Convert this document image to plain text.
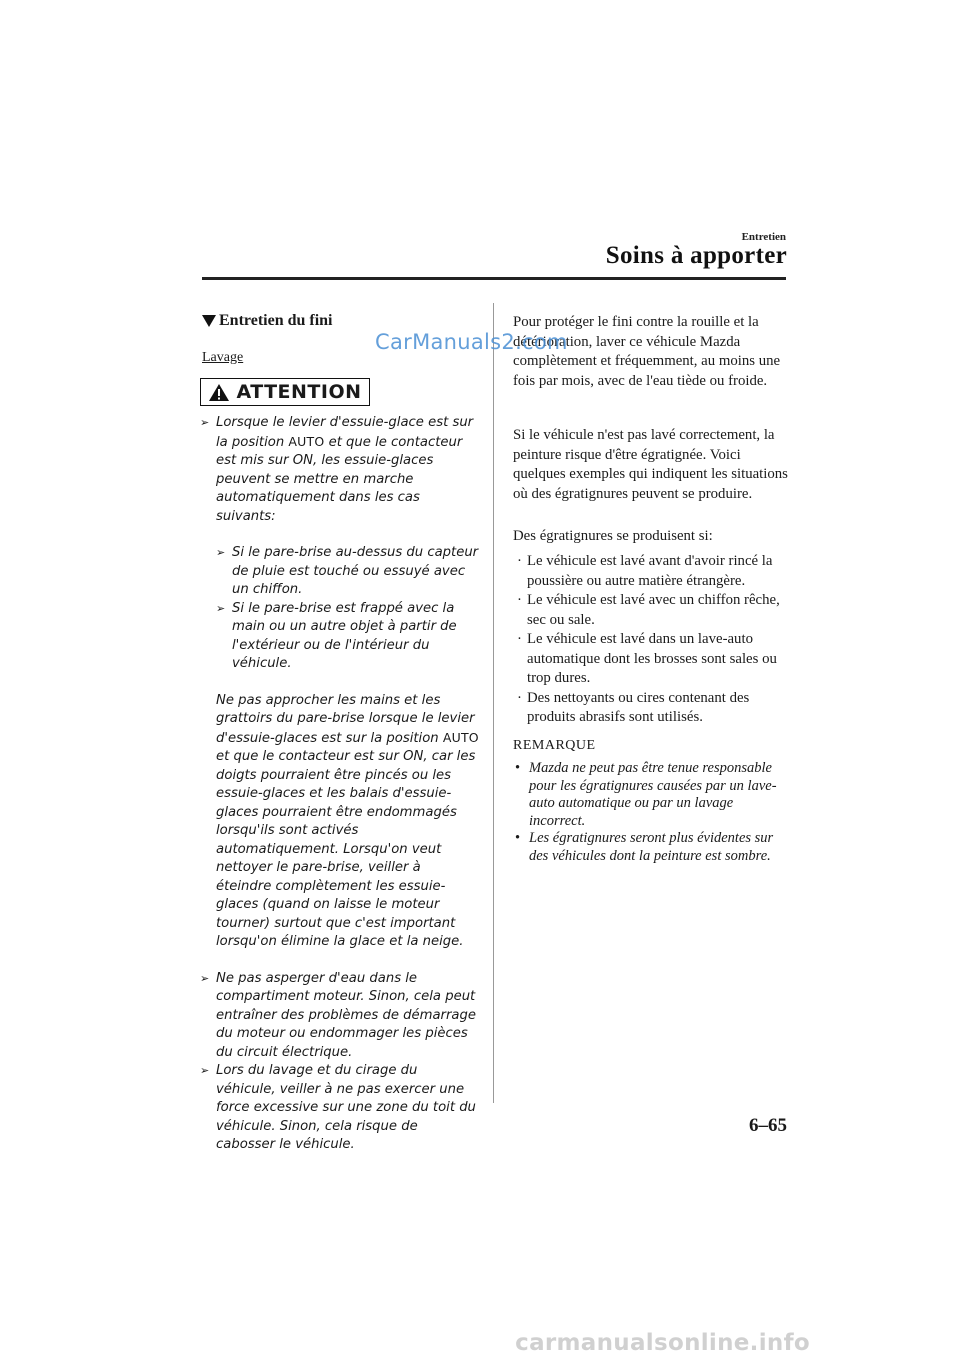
Entretien
Soins à apporter
Entretien du fini
Lavage
ATTENTION
➢ Lorsque le levier d'essuie-glace est sur la position AUTO et que le contacteur est mis sur ON, les essuie-glaces peuvent se mettre en marche automatiquement dans les cas suivants:
➢ Si le pare-brise au-dessus du capteur de pluie est touché ou essuyé avec un chiffon.
➢ Si le pare-brise est frappé avec la main ou un autre objet à partir de l'extérieur ou de l'intérieur du véhicule.
Ne pas approcher les mains et les grattoirs du pare-brise lorsque le levier d'essuie-glaces est sur la position AUTO et que le contacteur est sur ON, car les doigts pourraient être pincés ou les essuie-glaces et les balais d'essuie-glaces pourraient être endommagés lorsqu'ils sont activés automatiquement. Lorsqu'on veut nettoyer le pare-brise, veiller à éteindre complètement les essuie-glaces (quand on laisse le moteur tourner) surtout que c'est important lorsqu'on élimine la glace et la neige.
➢ Ne pas asperger d'eau dans le compartiment moteur. Sinon, cela peut entraîner des problèmes de démarrage du moteur ou endommager les pièces du circuit électrique.
➢ Lors du lavage et du cirage du véhicule, veiller à ne pas exercer une force excessive sur une zone du toit du véhicule. Sinon, cela risque de cabosser le véhicule.
Pour protéger le fini contre la rouille et la détérioration, laver ce véhicule Mazda complètement et fréquemment, au moins une fois par mois, avec de l'eau tiède ou froide.
Si le véhicule n'est pas lavé correctement, la peinture risque d'être égratignée. Voici quelques exemples qui indiquent les situations où des égratignures peuvent se produire.
Des égratignures se produisent si:
· Le véhicule est lavé avant d'avoir rincé la poussière ou autre matière étrangère.
· Le véhicule est lavé avec un chiffon rêche, sec ou sale.
· Le véhicule est lavé dans un lave-auto automatique dont les brosses sont sales ou trop dures.
· Des nettoyants ou cires contenant des produits abrasifs sont utilisés.
REMARQUE
• Mazda ne peut pas être tenue responsable pour les égratignures causées par un lave-auto automatique ou par un lavage incorrect.
• Les égratignures seront plus évidentes sur des véhicules dont la peinture est sombre.
CarManuals2.com
6–65
carmanualsonline.info
